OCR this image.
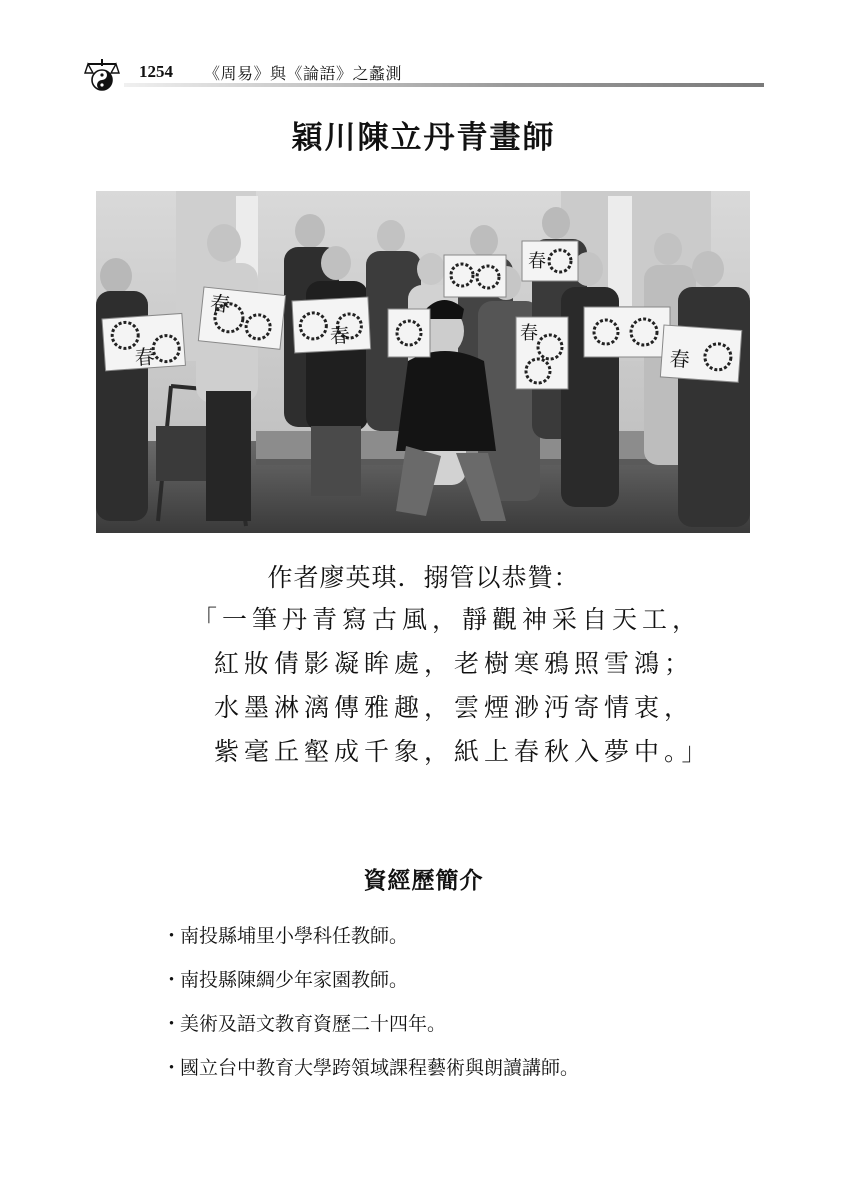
1254 《周易》與《論語》之蠡測
穎川陳立丹青畫師
春
春
春
春
春
春
作者廖英琪．搦管以恭贊：
「一筆丹青寫古風，靜觀神采自天工，
紅妝倩影凝眸處，老樹寒鴉照雪鴻；
水墨淋漓傳雅趣，雲煙渺沔寄情衷，
紫毫丘壑成千象，紙上春秋入夢中。」
資經歷簡介
・南投縣埔里小學科任教師。
・南投縣陳綢少年家園教師。
・美術及語文教育資歷二十四年。
・國立台中教育大學跨領域課程藝術與朗讀講師。
